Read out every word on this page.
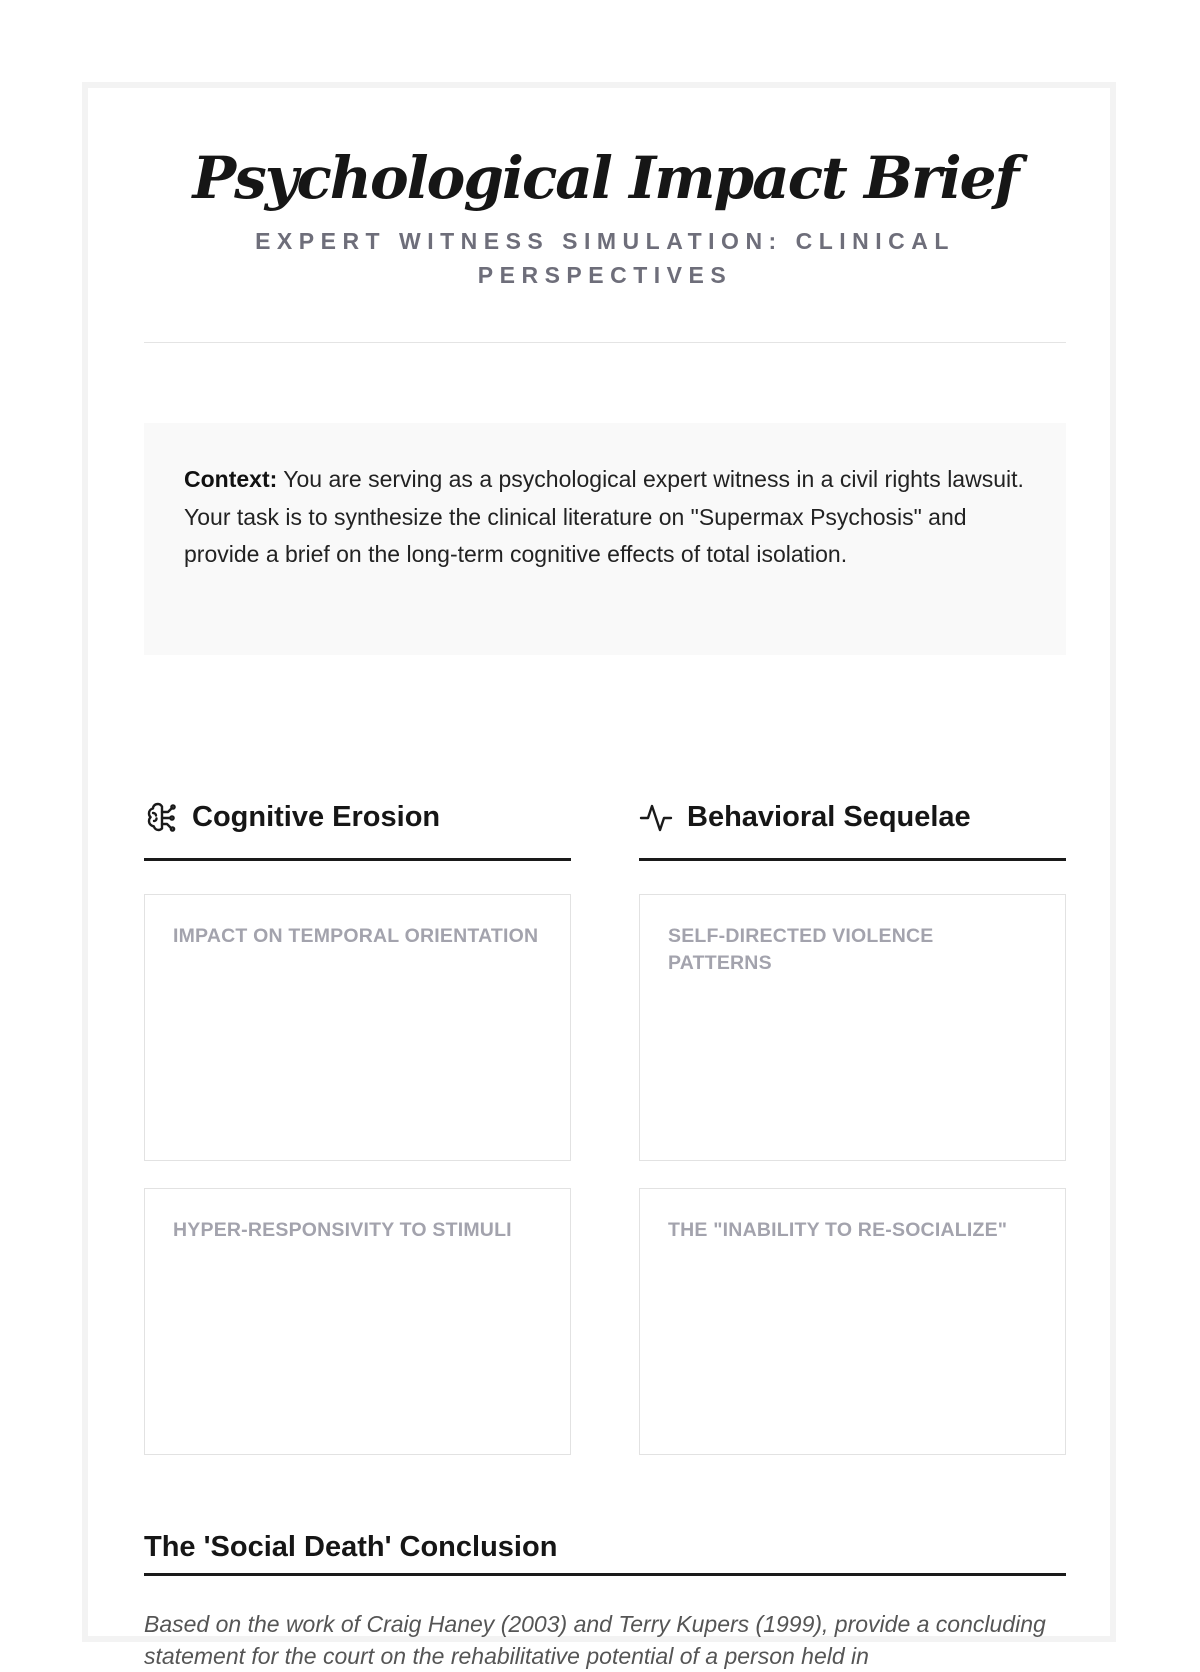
Psychological Impact Brief
EXPERT WITNESS SIMULATION: CLINICAL PERSPECTIVES
Context: You are serving as a psychological expert witness in a civil rights lawsuit. Your task is to synthesize the clinical literature on "Supermax Psychosis" and provide a brief on the long-term cognitive effects of total isolation.
Cognitive Erosion
IMPACT ON TEMPORAL ORIENTATION
HYPER-RESPONSIVITY TO STIMULI
Behavioral Sequelae
SELF-DIRECTED VIOLENCE PATTERNS
THE "INABILITY TO RE-SOCIALIZE"
The 'Social Death' Conclusion
Based on the work of Craig Haney (2003) and Terry Kupers (1999), provide a concluding statement for the court on the rehabilitative potential of a person held in
